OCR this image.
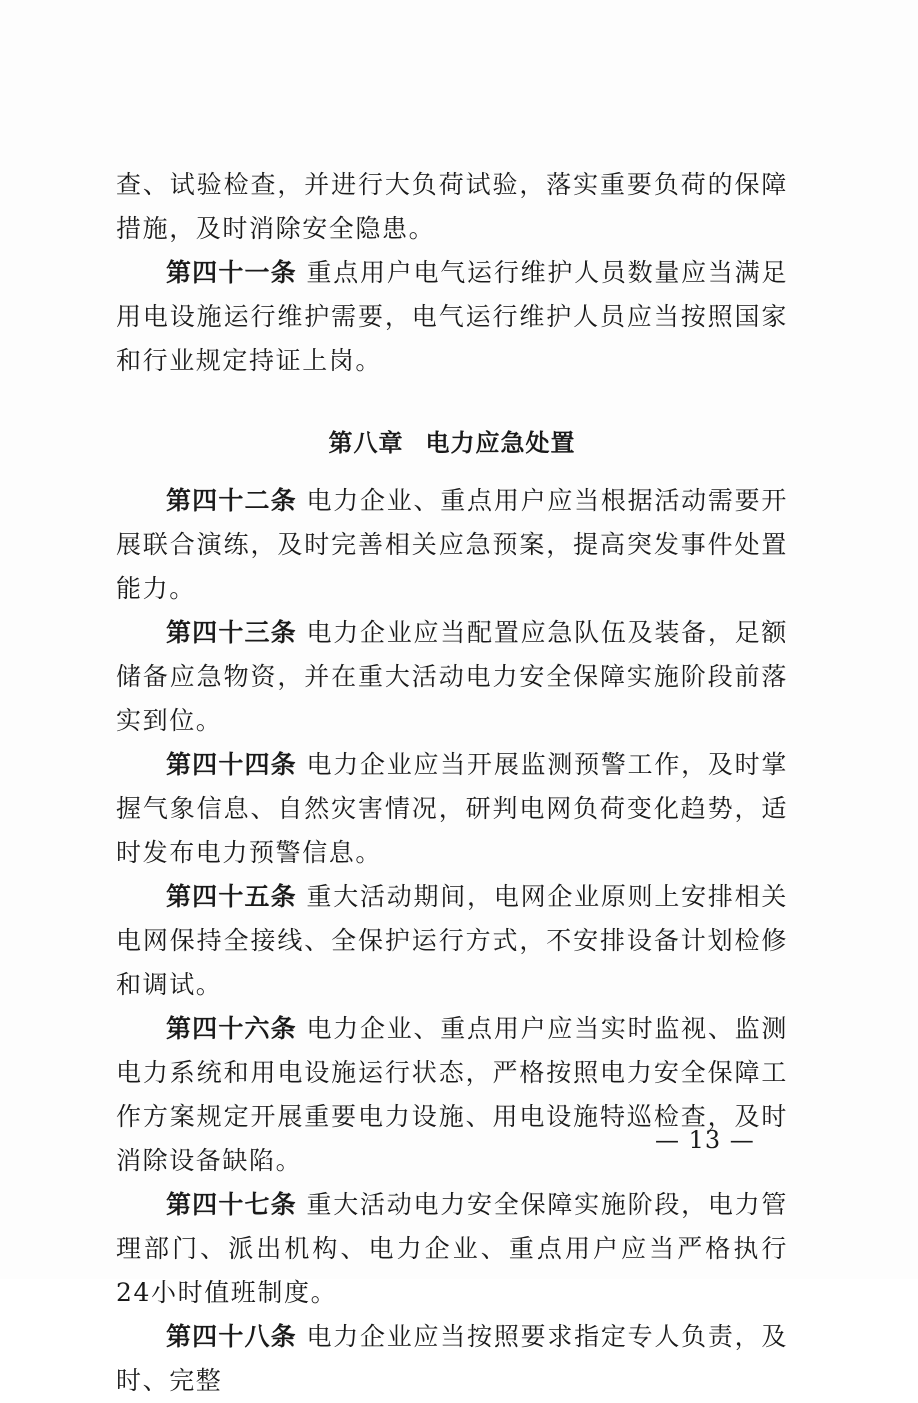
查、试验检查，并进行大负荷试验，落实重要负荷的保障措施，及时消除安全隐患。

第四十一条 重点用户电气运行维护人员数量应当满足用电设施运行维护需要，电气运行维护人员应当按照国家和行业规定持证上岗。

第八章 电力应急处置

第四十二条 电力企业、重点用户应当根据活动需要开展联合演练，及时完善相关应急预案，提高突发事件处置能力。

第四十三条 电力企业应当配置应急队伍及装备，足额储备应急物资，并在重大活动电力安全保障实施阶段前落实到位。

第四十四条 电力企业应当开展监测预警工作，及时掌握气象信息、自然灾害情况，研判电网负荷变化趋势，适时发布电力预警信息。

第四十五条 重大活动期间，电网企业原则上安排相关电网保持全接线、全保护运行方式，不安排设备计划检修和调试。

第四十六条 电力企业、重点用户应当实时监视、监测电力系统和用电设施运行状态，严格按照电力安全保障工作方案规定开展重要电力设施、用电设施特巡检查，及时消除设备缺陷。

第四十七条 重大活动电力安全保障实施阶段，电力管理部门、派出机构、电力企业、重点用户应当严格执行24小时值班制度。

第四十八条 电力企业应当按照要求指定专人负责，及时、完整

— 13 —
